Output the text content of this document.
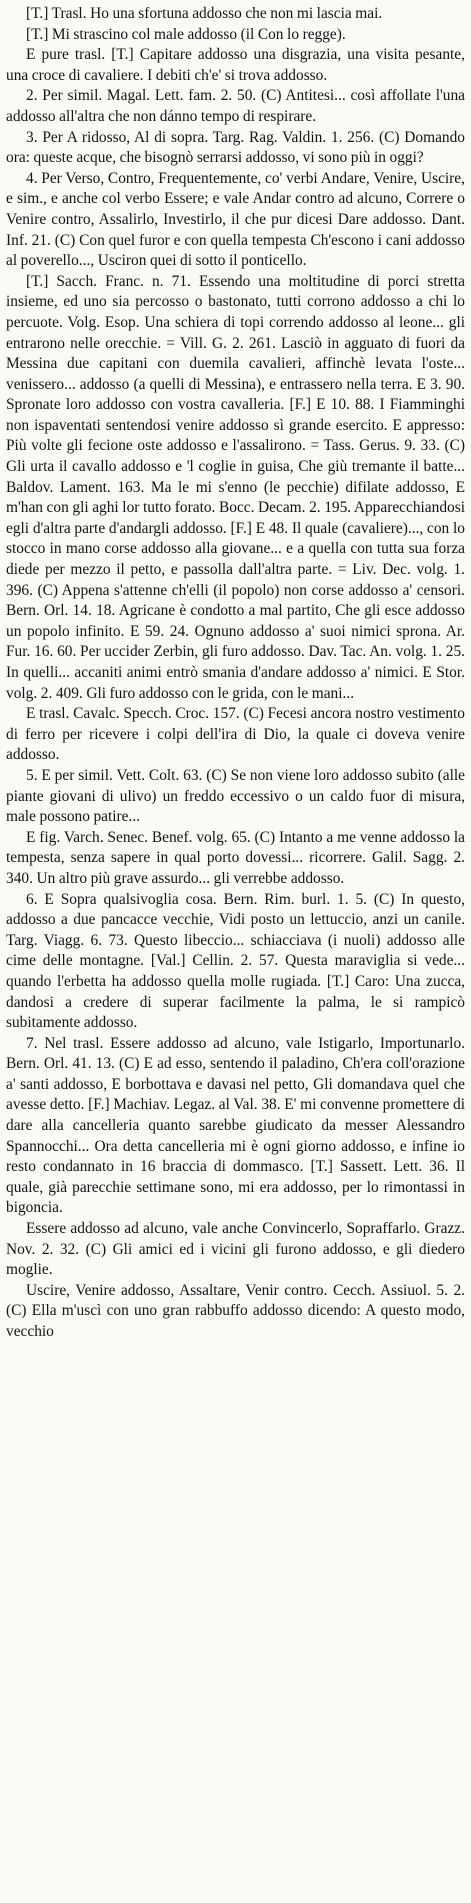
[T.] Trasl. Ho una sfortuna addosso che non mi lascia mai.

[T.] Mi strascino col male addosso (il Con lo regge).

E pure trasl. [T.] Capitare addosso una disgrazia, una visita pesante, una croce di cavaliere. I debiti ch'e' si trova addosso.

2. Per simil. Magal. Lett. fam. 2. 50. (C) Antitesi... così affollate l'una addosso all'altra che non dánno tempo di respirare.

3. Per A ridosso, Al di sopra. Targ. Rag. Valdin. 1. 256. (C) Domando ora: queste acque, che bisognò serrarsi addosso, vi sono più in oggi?

4. Per Verso, Contro, Frequentemente, co' verbi Andare, Venire, Uscire, e sim., e anche col verbo Essere; e vale Andar contro ad alcuno, Correre o Venire contro, Assalirlo, Investirlo, il che pur dicesi Dare addosso. Dant. Inf. 21. (C) Con quel furor e con quella tempesta Ch'escono i cani addosso al poverello..., Usciron quei di sotto il ponticello.

[T.] Sacch. Franc. n. 71. Essendo una moltitudine di porci stretta insieme, ed uno sia percosso o bastonato, tutti corrono addosso a chi lo percuote. Volg. Esop. Una schiera di topi correndo addosso al leone... gli entrarono nelle orecchie. = Vill. G. 2. 261. Lasciò in agguato di fuori da Messina due capitani con duemila cavalieri, affinchè levata l'oste... venissero... addosso (a quelli di Messina), e entrassero nella terra. E 3. 90. Spronate loro addosso con vostra cavalleria. [F.] E 10. 88. I Fiamminghi non ispaventati sentendosi venire addosso sì grande esercito. E appresso: Più volte gli fecione oste addosso e l'assalirono. = Tass. Gerus. 9. 33. (C) Gli urta il cavallo addosso e 'l coglie in guisa, Che giù tremante il batte... Baldov. Lament. 163. Ma le mi s'enno (le pecchie) difilate addosso, E m'han con gli aghi lor tutto forato. Bocc. Decam. 2. 195. Apparecchiandosi egli d'altra parte d'andargli addosso. [F.] E 48. Il quale (cavaliere)..., con lo stocco in mano corse addosso alla giovane... e a quella con tutta sua forza diede per mezzo il petto, e passolla dall'altra parte. = Liv. Dec. volg. 1. 396. (C) Appena s'attenne ch'elli (il popolo) non corse addosso a' censori. Bern. Orl. 14. 18. Agricane è condotto a mal partito, Che gli esce addosso un popolo infinito. E 59. 24. Ognuno addosso a' suoi nimici sprona. Ar. Fur. 16. 60. Per uccider Zerbin, gli furo addosso. Dav. Tac. An. volg. 1. 25. In quelli... accaniti animi entrò smania d'andare addosso a' nimici. E Stor. volg. 2. 409. Gli furo addosso con le grida, con le mani...

E trasl. Cavalc. Specch. Croc. 157. (C) Fecesi ancora nostro vestimento di ferro per ricevere i colpi dell'ira di Dio, la quale ci doveva venire addosso.

5. E per simil. Vett. Colt. 63. (C) Se non viene loro addosso subito (alle piante giovani di ulivo) un freddo eccessivo o un caldo fuor di misura, male possono patire...

E fig. Varch. Senec. Benef. volg. 65. (C) Intanto a me venne addosso la tempesta, senza sapere in qual porto dovessi... ricorrere. Galil. Sagg. 2. 340. Un altro più grave assurdo... gli verrebbe addosso.

6. E Sopra qualsivoglia cosa. Bern. Rim. burl. 1. 5. (C) In questo, addosso a due pancacce vecchie, Vidi posto un lettuccio, anzi un canile. Targ. Viagg. 6. 73. Questo libeccio... schiacciava (i nuoli) addosso alle cime delle montagne. [Val.] Cellin. 2. 57. Questa maraviglia si vede... quando l'erbetta ha addosso quella molle rugiada. [T.] Caro: Una zucca, dandosi a credere di superar facilmente la palma, le si rampicò subitamente addosso.

7. Nel trasl. Essere addosso ad alcuno, vale Istigarlo, Importunarlo. Bern. Orl. 41. 13. (C) E ad esso, sentendo il paladino, Ch'era coll'orazione a' santi addosso, E borbottava e davasi nel petto, Gli domandava quel che avesse detto. [F.] Machiav. Legaz. al Val. 38. E' mi convenne promettere di dare alla cancelleria quanto sarebbe giudicato da messer Alessandro Spannocchi... Ora detta cancelleria mi è ogni giorno addosso, e infine io resto condannato in 16 braccia di dommasco. [T.] Sassett. Lett. 36. Il quale, già parecchie settimane sono, mi era addosso, per lo rimontassi in bigoncia.

Essere addosso ad alcuno, vale anche Convincerlo, Sopraffarlo. Grazz. Nov. 2. 32. (C) Gli amici ed i vicini gli furono addosso, e gli diedero moglie.

Uscire, Venire addosso, Assaltare, Venir contro. Cecch. Assiuol. 5. 2. (C) Ella m'uscì con uno gran rabbuffo addosso dicendo: A questo modo, vecchio
